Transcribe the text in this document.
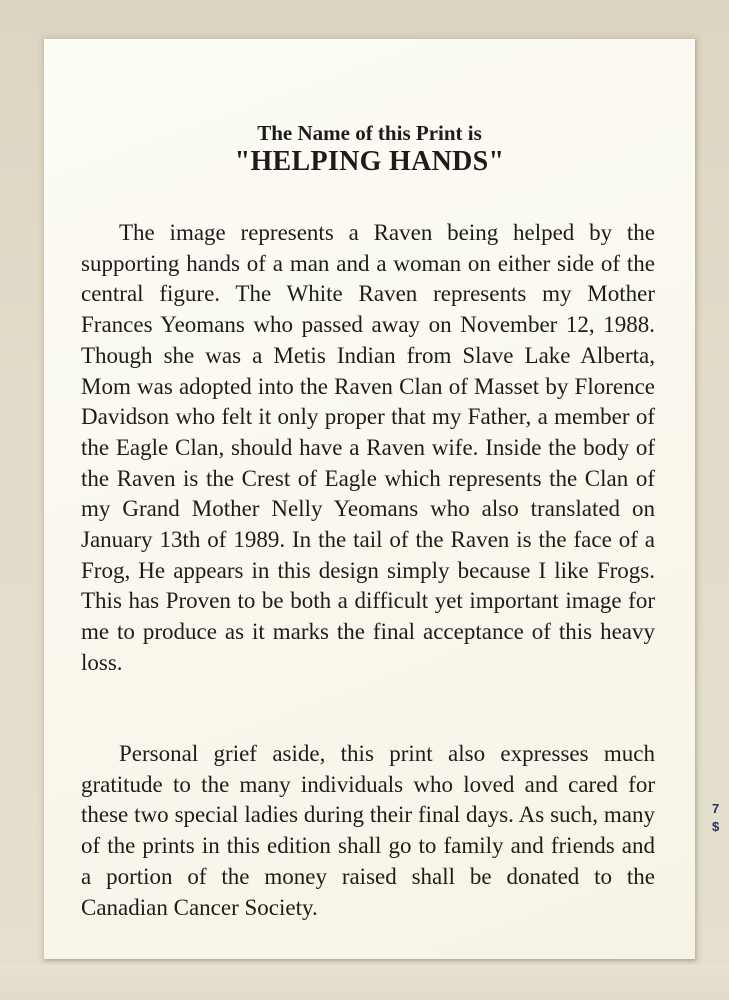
The Name of this Print is
"HELPING HANDS"

The image represents a Raven being helped by the supporting hands of a man and a woman on either side of the central figure. The White Raven represents my Mother Frances Yeomans who passed away on November 12, 1988. Though she was a Metis Indian from Slave Lake Alberta, Mom was adopted into the Raven Clan of Masset by Florence Davidson who felt it only proper that my Father, a member of the Eagle Clan, should have a Raven wife. Inside the body of the Raven is the Crest of Eagle which represents the Clan of my Grand Mother Nelly Yeomans who also translated on January 13th of 1989. In the tail of the Raven is the face of a Frog, He appears in this design simply because I like Frogs. This has Proven to be both a difficult yet important image for me to produce as it marks the final acceptance of this heavy loss.

Personal grief aside, this print also expresses much gratitude to the many individuals who loved and cared for these two special ladies during their final days. As such, many of the prints in this edition shall go to family and friends and a portion of the money raised shall be donated to the Canadian Cancer Society.

7
$
